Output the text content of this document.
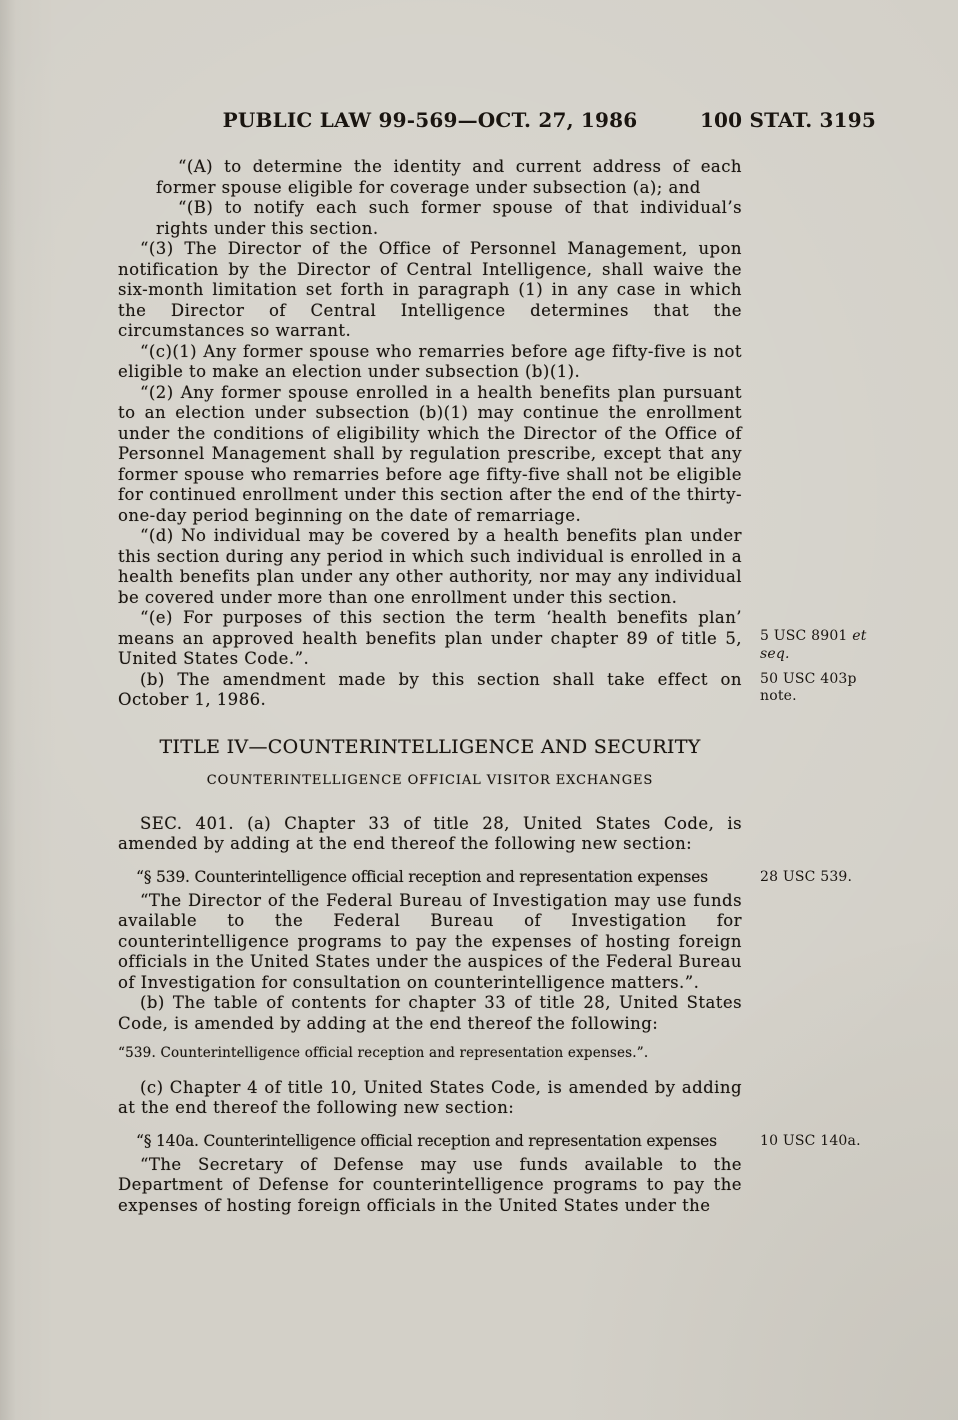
PUBLIC LAW 99-569—OCT. 27, 1986	100 STAT. 3195

“(A) to determine the identity and current address of each former spouse eligible for coverage under subsection (a); and

“(B) to notify each such former spouse of that individual’s rights under this section.

“(3) The Director of the Office of Personnel Management, upon notification by the Director of Central Intelligence, shall waive the six-month limitation set forth in paragraph (1) in any case in which the Director of Central Intelligence determines that the circumstances so warrant.

“(c)(1) Any former spouse who remarries before age fifty-five is not eligible to make an election under subsection (b)(1).

“(2) Any former spouse enrolled in a health benefits plan pursuant to an election under subsection (b)(1) may continue the enrollment under the conditions of eligibility which the Director of the Office of Personnel Management shall by regulation prescribe, except that any former spouse who remarries before age fifty-five shall not be eligible for continued enrollment under this section after the end of the thirty-one-day period beginning on the date of remarriage.

“(d) No individual may be covered by a health benefits plan under this section during any period in which such individual is enrolled in a health benefits plan under any other authority, nor may any individual be covered under more than one enrollment under this section.

“(e) For purposes of this section the term ‘health benefits plan’ means an approved health benefits plan under chapter 89 of title 5, United States Code.”.
5 USC 8901 et seq.

(b) The amendment made by this section shall take effect on October 1, 1986.
50 USC 403p note.

TITLE IV—COUNTERINTELLIGENCE AND SECURITY
COUNTERINTELLIGENCE OFFICIAL VISITOR EXCHANGES

SEC. 401. (a) Chapter 33 of title 28, United States Code, is amended by adding at the end thereof the following new section:

“§ 539. Counterintelligence official reception and representation expenses	28 USC 539.

“The Director of the Federal Bureau of Investigation may use funds available to the Federal Bureau of Investigation for counterintelligence programs to pay the expenses of hosting foreign officials in the United States under the auspices of the Federal Bureau of Investigation for consultation on counterintelligence matters.”.

(b) The table of contents for chapter 33 of title 28, United States Code, is amended by adding at the end thereof the following:

“539. Counterintelligence official reception and representation expenses.”.

(c) Chapter 4 of title 10, United States Code, is amended by adding at the end thereof the following new section:

“§ 140a. Counterintelligence official reception and representation expenses	10 USC 140a.

“The Secretary of Defense may use funds available to the Department of Defense for counterintelligence programs to pay the expenses of hosting foreign officials in the United States under the
